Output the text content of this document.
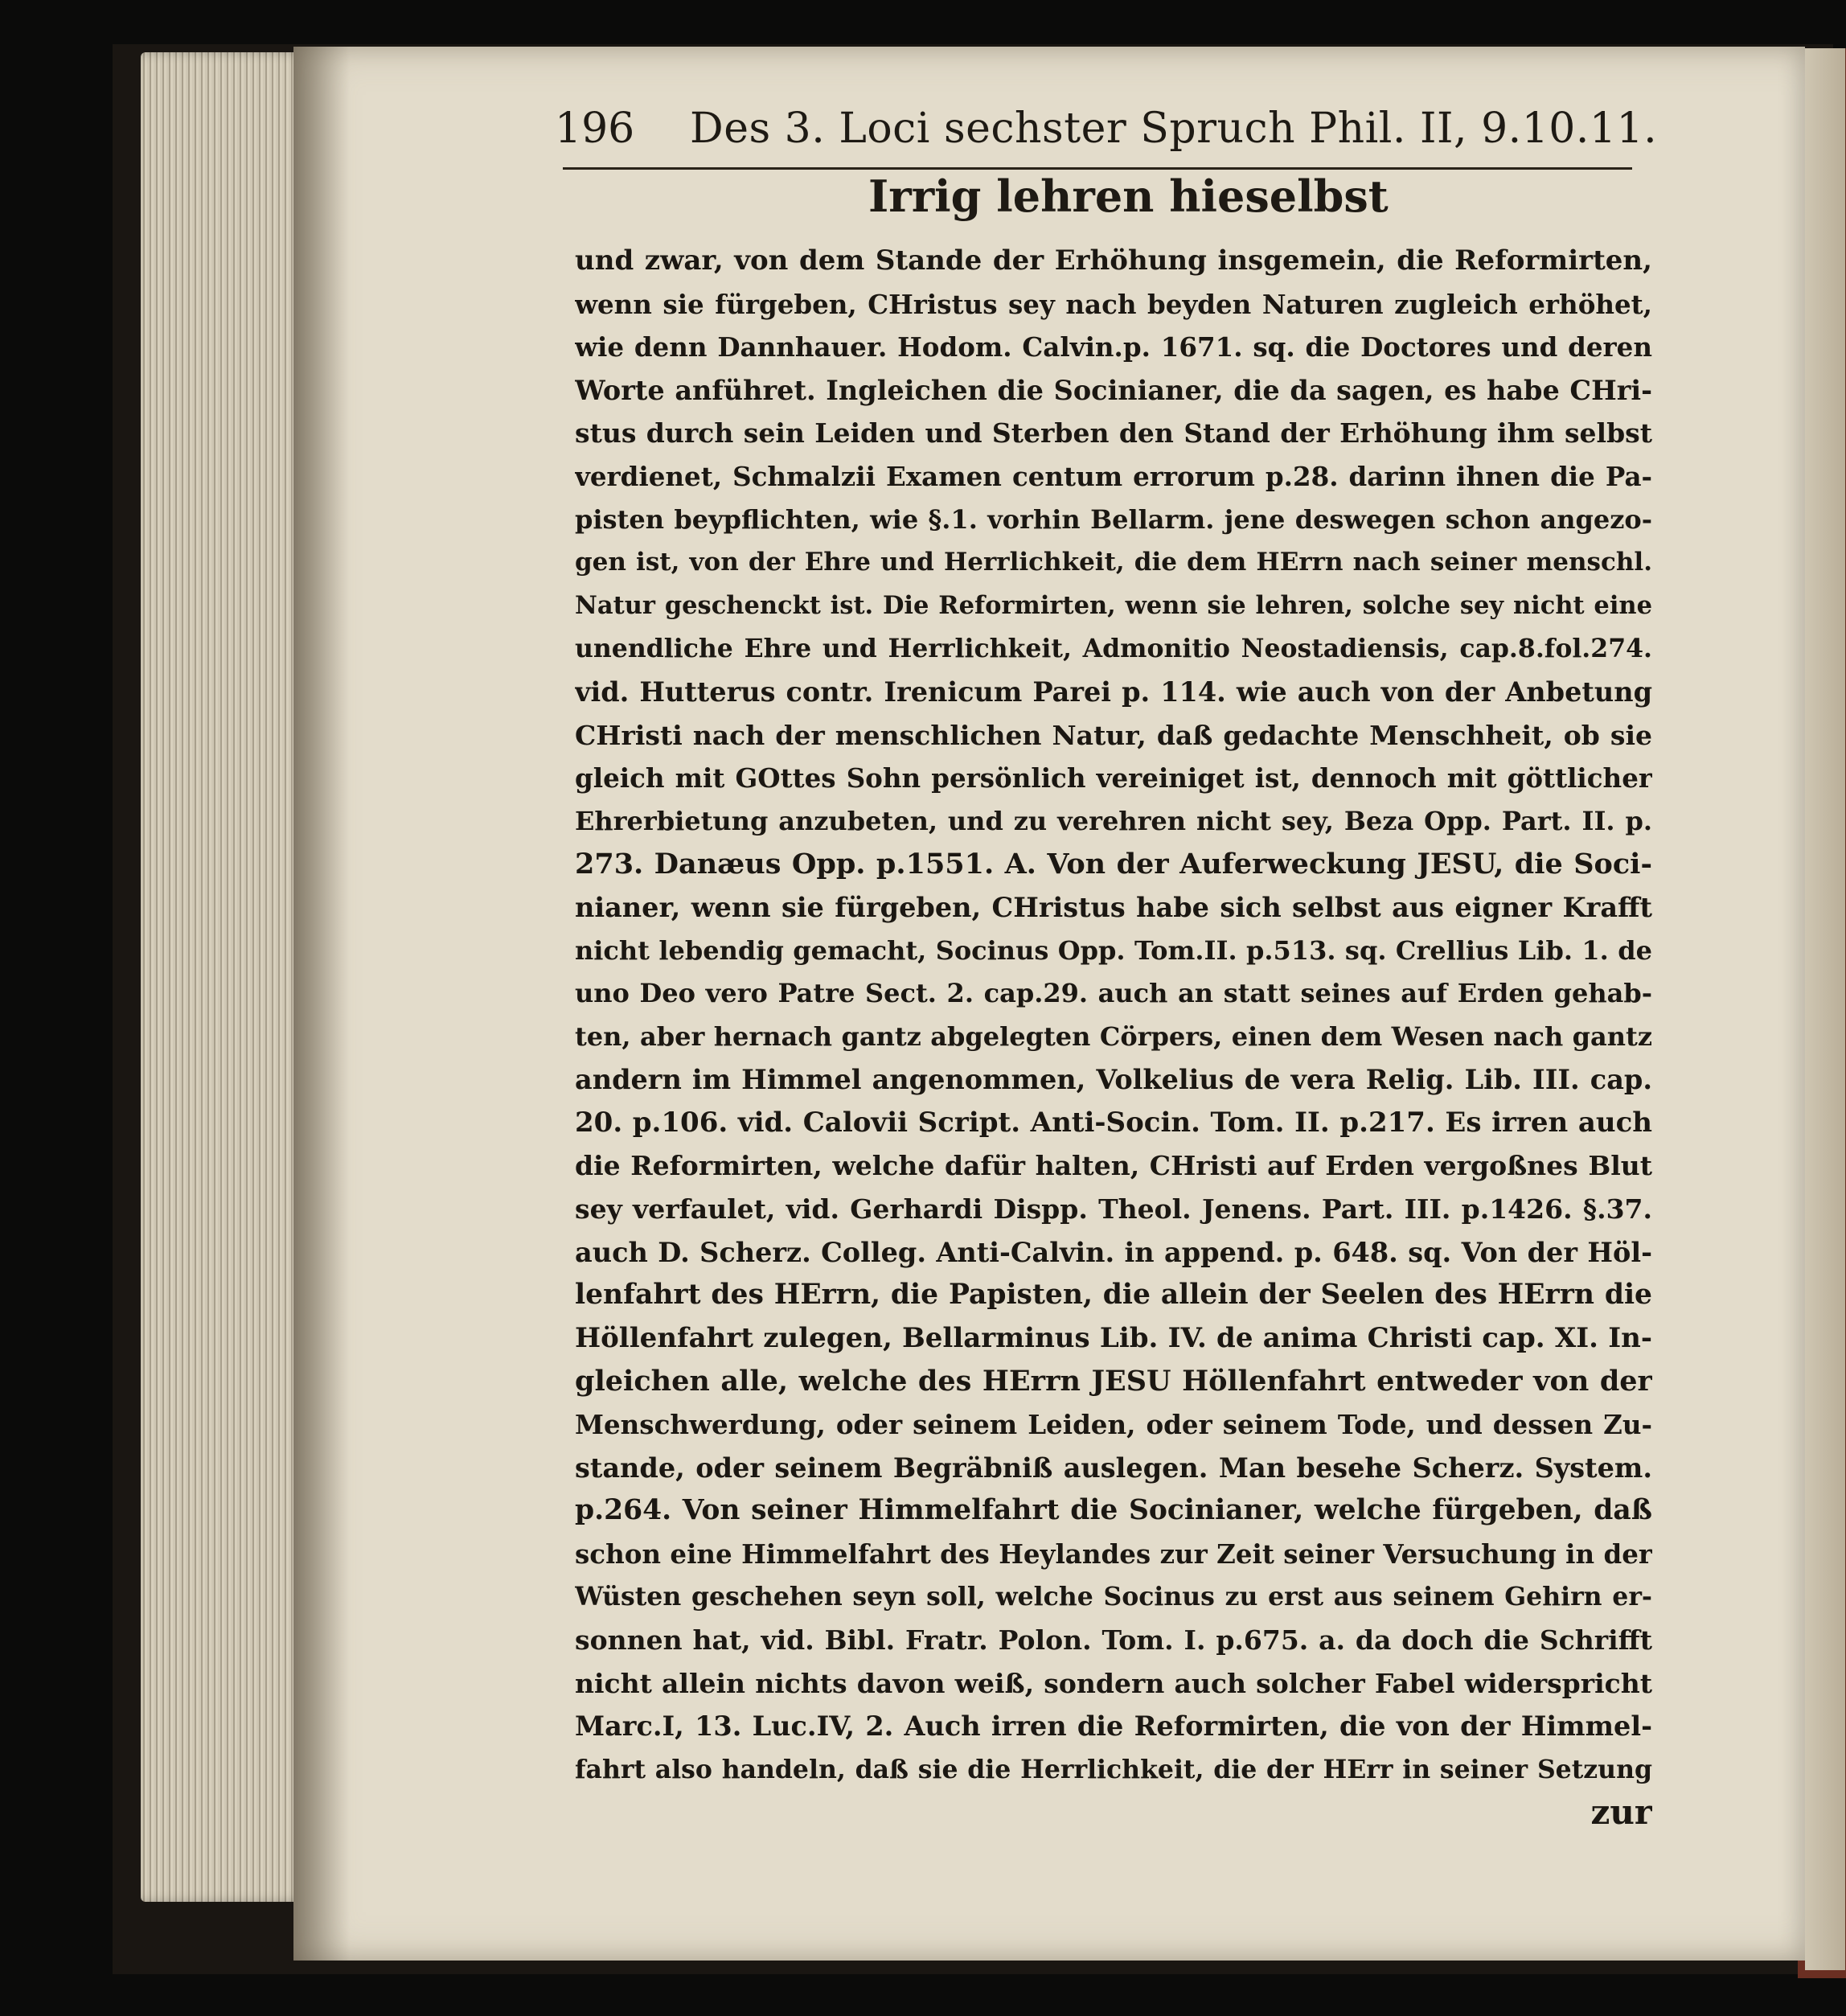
196 Des 3. Loci sechster Spruch Phil. II, 9.10.11.
Irrig lehren hieselbst
und zwar, von dem Stande der Erhöhung insgemein, die Reformirten,
wenn sie fürgeben, CHristus sey nach beyden Naturen zugleich erhöhet,
wie denn Dannhauer. Hodom. Calvin.p. 1671. sq. die Doctores und deren
Worte anführet. Ingleichen die Socinianer, die da sagen, es habe CHri-
stus durch sein Leiden und Sterben den Stand der Erhöhung ihm selbst
verdienet, Schmalzii Examen centum errorum p.28. darinn ihnen die Pa-
pisten beypflichten, wie §.1. vorhin Bellarm. jene deswegen schon angezo-
gen ist, von der Ehre und Herrlichkeit, die dem HErrn nach seiner menschl.
Natur geschenckt ist. Die Reformirten, wenn sie lehren, solche sey nicht eine
unendliche Ehre und Herrlichkeit, Admonitio Neostadiensis, cap.8.fol.274.
vid. Hutterus contr. Irenicum Parei p. 114. wie auch von der Anbetung
CHristi nach der menschlichen Natur, daß gedachte Menschheit, ob sie
gleich mit GOttes Sohn persönlich vereiniget ist, dennoch mit göttlicher
Ehrerbietung anzubeten, und zu verehren nicht sey, Beza Opp. Part. II. p.
273. Danæus Opp. p.1551. A. Von der Auferweckung JESU, die Soci-
nianer, wenn sie fürgeben, CHristus habe sich selbst aus eigner Krafft
nicht lebendig gemacht, Socinus Opp. Tom.II. p.513. sq. Crellius Lib. 1. de
uno Deo vero Patre Sect. 2. cap.29. auch an statt seines auf Erden gehab-
ten, aber hernach gantz abgelegten Cörpers, einen dem Wesen nach gantz
andern im Himmel angenommen, Volkelius de vera Relig. Lib. III. cap.
20. p.106. vid. Calovii Script. Anti-Socin. Tom. II. p.217. Es irren auch
die Reformirten, welche dafür halten, CHristi auf Erden vergoßnes Blut
sey verfaulet, vid. Gerhardi Dispp. Theol. Jenens. Part. III. p.1426. §.37.
auch D. Scherz. Colleg. Anti-Calvin. in append. p. 648. sq. Von der Höl-
lenfahrt des HErrn, die Papisten, die allein der Seelen des HErrn die
Höllenfahrt zulegen, Bellarminus Lib. IV. de anima Christi cap. XI. In-
gleichen alle, welche des HErrn JESU Höllenfahrt entweder von der
Menschwerdung, oder seinem Leiden, oder seinem Tode, und dessen Zu-
stande, oder seinem Begräbniß auslegen. Man besehe Scherz. System.
p.264. Von seiner Himmelfahrt die Socinianer, welche fürgeben, daß
schon eine Himmelfahrt des Heylandes zur Zeit seiner Versuchung in der
Wüsten geschehen seyn soll, welche Socinus zu erst aus seinem Gehirn er-
sonnen hat, vid. Bibl. Fratr. Polon. Tom. I. p.675. a. da doch die Schrifft
nicht allein nichts davon weiß, sondern auch solcher Fabel widerspricht
Marc.I, 13. Luc.IV, 2. Auch irren die Reformirten, die von der Himmel-
fahrt also handeln, daß sie die Herrlichkeit, die der HErr in seiner Setzung
zur
